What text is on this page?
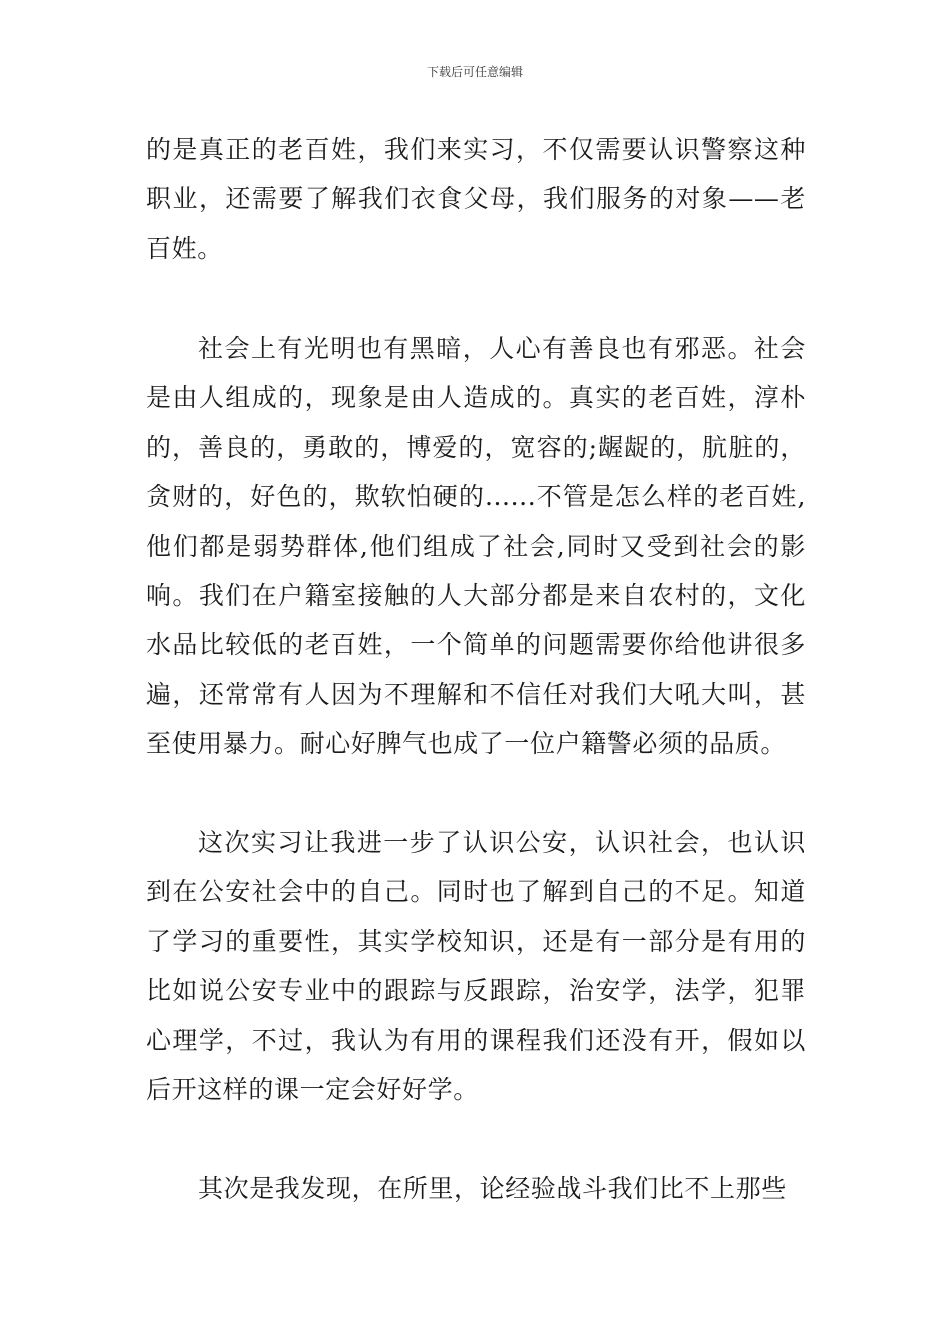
下载后可任意编辑

的是真正的老百姓，我们来实习，不仅需要认识警察这种职业，还需要了解我们衣食父母，我们服务的对象——老百姓。

社会上有光明也有黑暗，人心有善良也有邪恶。社会是由人组成的，现象是由人造成的。真实的老百姓，淳朴的，善良的，勇敢的，博爱的，宽容的;龌龊的，肮脏的，贪财的，好色的，欺软怕硬的......不管是怎么样的老百姓,他们都是弱势群体,他们组成了社会,同时又受到社会的影响。我们在户籍室接触的人大部分都是来自农村的，文化水品比较低的老百姓，一个简单的问题需要你给他讲很多遍，还常常有人因为不理解和不信任对我们大吼大叫，甚至使用暴力。耐心好脾气也成了一位户籍警必须的品质。

这次实习让我进一步了认识公安，认识社会，也认识到在公安社会中的自己。同时也了解到自己的不足。知道了学习的重要性，其实学校知识，还是有一部分是有用的比如说公安专业中的跟踪与反跟踪，治安学，法学，犯罪心理学，不过，我认为有用的课程我们还没有开，假如以后开这样的课一定会好好学。

其次是我发现，在所里，论经验战斗我们比不上那些
